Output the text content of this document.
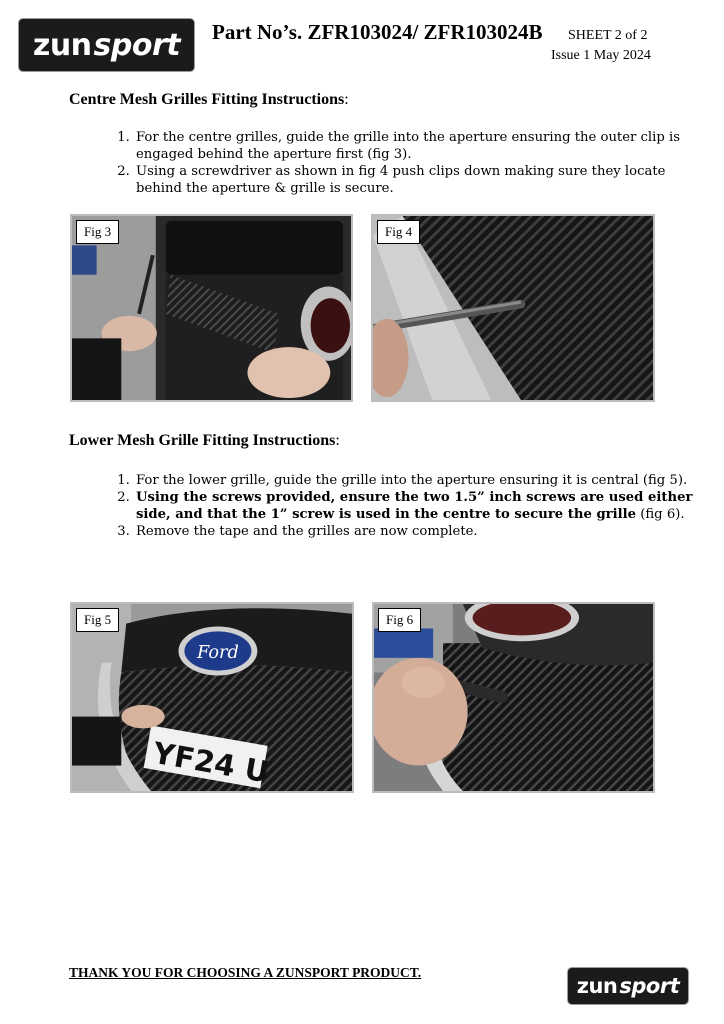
zun sport Part No’s. ZFR103024/ ZFR103024B SHEET 2 of 2
Issue 1 May 2024
Centre Mesh Grilles Fitting Instructions:
1. For the centre grilles, guide the grille into the aperture ensuring the outer clip is engaged behind the aperture first (fig 3).
2. Using a screwdriver as shown in fig 4 push clips down making sure they locate behind the aperture & grille is secure.
Fig 3	Fig 4
Lower Mesh Grille Fitting Instructions:
1. For the lower grille, guide the grille into the aperture ensuring it is central (fig 5).
2. Using the screws provided, ensure the two 1.5” inch screws are used either side, and that the 1” screw is used in the centre to secure the grille (fig 6).
3. Remove the tape and the grilles are now complete.
Ford
YF24 U
Fig 5	Fig 6
THANK YOU FOR CHOOSING A ZUNSPORT PRODUCT.
zun sport
